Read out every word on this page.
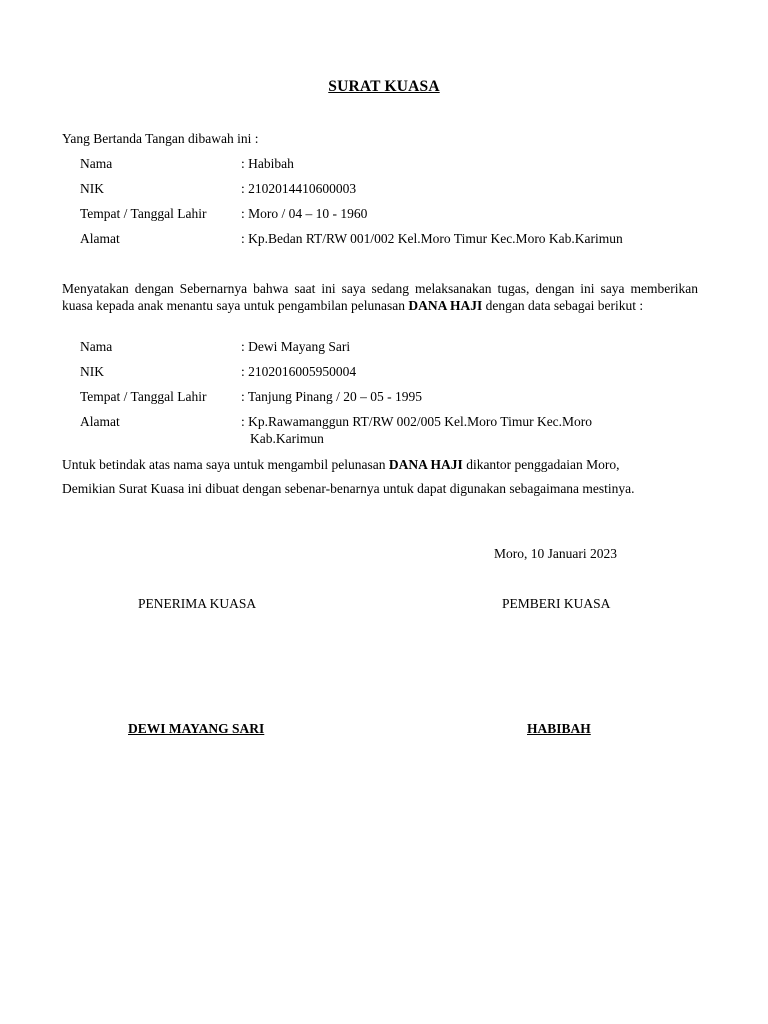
SURAT KUASA
Yang Bertanda Tangan dibawah ini :
Nama	: Habibah
NIK	: 2102014410600003
Tempat / Tanggal Lahir	: Moro / 04 – 10 - 1960
Alamat	: Kp.Bedan RT/RW 001/002 Kel.Moro Timur Kec.Moro Kab.Karimun
Menyatakan dengan Sebernarnya bahwa saat ini saya sedang melaksanakan tugas, dengan ini saya memberikan kuasa kepada anak menantu saya untuk pengambilan pelunasan DANA HAJI dengan data sebagai berikut :
Nama	: Dewi Mayang Sari
NIK	: 2102016005950004
Tempat / Tanggal Lahir	: Tanjung Pinang / 20 – 05 - 1995
Alamat	: Kp.Rawamanggun RT/RW 002/005 Kel.Moro Timur Kec.Moro
Kab.Karimun
Untuk betindak atas nama saya untuk mengambil pelunasan DANA HAJI dikantor penggadaian Moro,
Demikian Surat Kuasa ini dibuat dengan sebenar-benarnya untuk dapat digunakan sebagaimana mestinya.
Moro, 10 Januari 2023
PENERIMA KUASA	PEMBERI KUASA
DEWI MAYANG SARI	HABIBAH
